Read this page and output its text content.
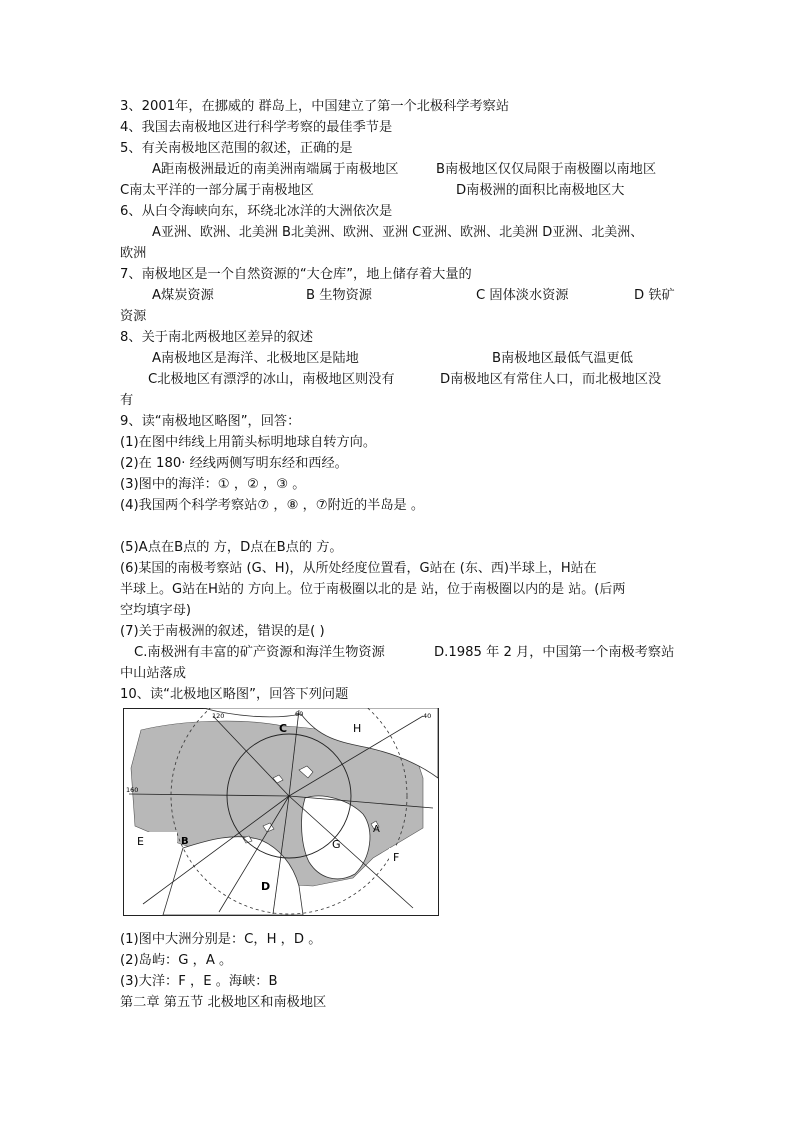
3、2001年，在挪威的 群岛上，中国建立了第一个北极科学考察站
4、我国去南极地区进行科学考察的最佳季节是
5、有关南极地区范围的叙述，正确的是
A距南极洲最近的南美洲南端属于南极地区	B南极地区仅仅局限于南极圈以南地区
C南太平洋的一部分属于南极地区	D南极洲的面积比南极地区大
6、从白令海峡向东，环绕北冰洋的大洲依次是
A亚洲、欧洲、北美洲 B北美洲、欧洲、亚洲 C亚洲、欧洲、北美洲 D亚洲、北美洲、
欧洲
7、南极地区是一个自然资源的“大仓库”，地上储存着大量的
A煤炭资源	B 生物资源	C 固体淡水资源	D 铁矿
资源
8、关于南北两极地区差异的叙述
A南极地区是海洋、北极地区是陆地	B南极地区最低气温更低
C北极地区有漂浮的冰山，南极地区则没有	D南极地区有常住人口，而北极地区没
有
9、读“南极地区略图”，回答：
(1)在图中纬线上用箭头标明地球自转方向。
(2)在 180· 经线两侧写明东经和西经。
(3)图中的海洋：① ，② ，③ 。
(4)我国两个科学考察站⑦ ，⑧ ，⑦附近的半岛是 。
(5)A点在B点的 方，D点在B点的 方。
(6)某国的南极考察站 (G、H)，从所处经度位置看，G站在 (东、西)半球上，H站在
半球上。G站在H站的 方向上。位于南极圈以北的是 站，位于南极圈以内的是 站。(后两
空均填字母)
(7)关于南极洲的叙述，错误的是( )
C.南极洲有丰富的矿产资源和海洋生物资源	D.1985 年 2 月，中国第一个南极考察站
中山站落成
10、读“北极地区略图”，回答下列问题
120	60	40
160
C	H
B
E	G
F
D
A
(1)图中大洲分别是：C，H ，D 。
(2)岛屿：G ，A 。
(3)大洋：F ，E 。海峡：B
第二章 第五节 北极地区和南极地区
